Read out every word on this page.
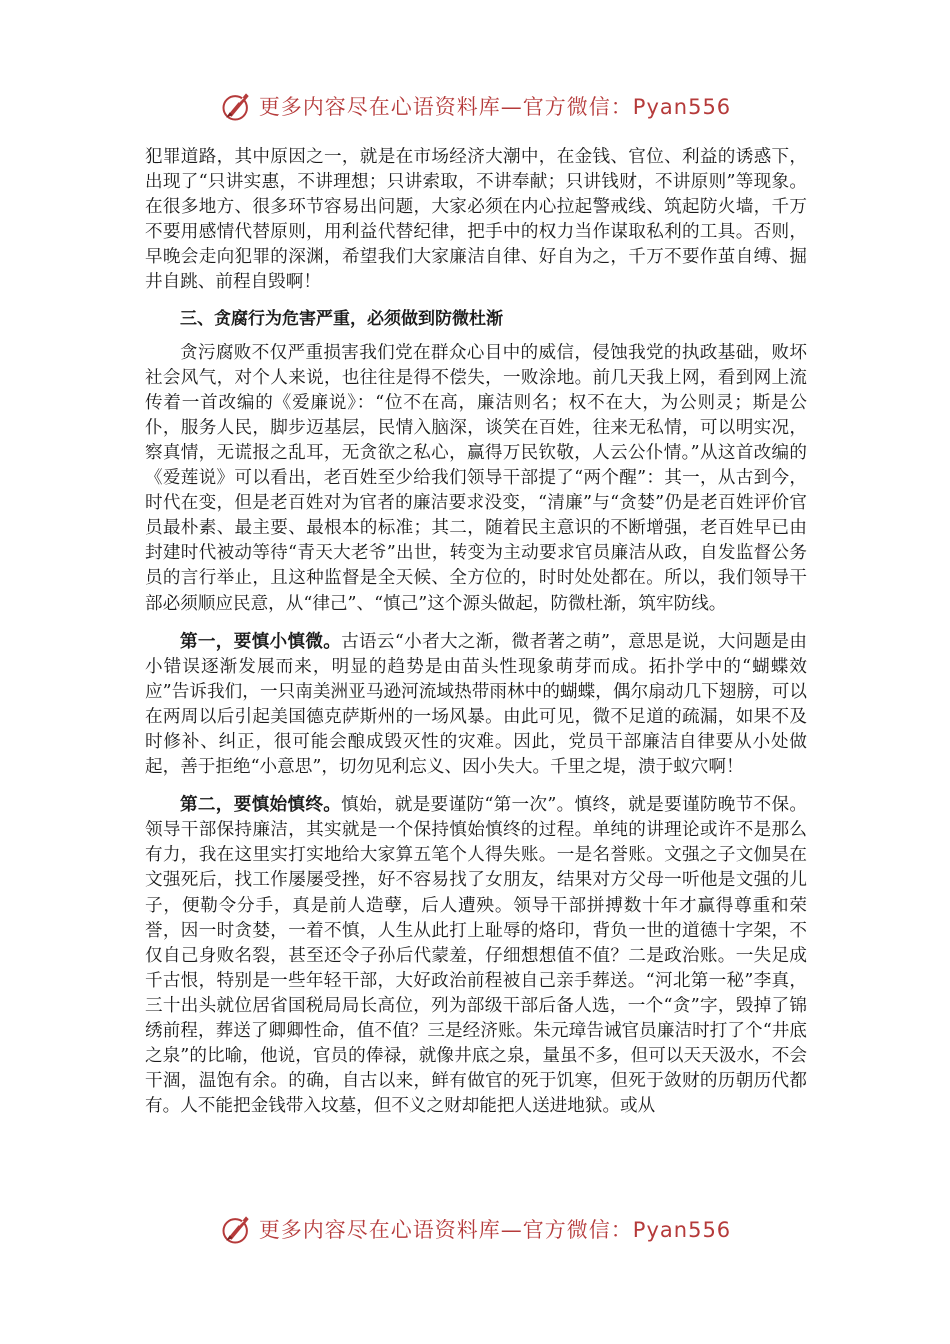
更多内容尽在心语资料库—官方微信：Pyan556

犯罪道路，其中原因之一，就是在市场经济大潮中，在金钱、官位、利益的诱惑下，出现了“只讲实惠，不讲理想；只讲索取，不讲奉献；只讲钱财，不讲原则”等现象。在很多地方、很多环节容易出问题，大家必须在内心拉起警戒线、筑起防火墙，千万不要用感情代替原则，用利益代替纪律，把手中的权力当作谋取私利的工具。否则，早晚会走向犯罪的深渊，希望我们大家廉洁自律、好自为之，千万不要作茧自缚、掘井自跳、前程自毁啊！

三、贪腐行为危害严重，必须做到防微杜渐

贪污腐败不仅严重损害我们党在群众心目中的威信，侵蚀我党的执政基础，败坏社会风气，对个人来说，也往往是得不偿失，一败涂地。前几天我上网，看到网上流传着一首改编的《爱廉说》：“位不在高，廉洁则名；权不在大，为公则灵；斯是公仆，服务人民，脚步迈基层，民情入脑深，谈笑在百姓，往来无私情，可以明实况，察真情，无谎报之乱耳，无贪欲之私心，赢得万民钦敬，人云公仆情。”从这首改编的《爱莲说》可以看出，老百姓至少给我们领导干部提了“两个醒”：其一，从古到今，时代在变，但是老百姓对为官者的廉洁要求没变，“清廉”与“贪婪”仍是老百姓评价官员最朴素、最主要、最根本的标准；其二，随着民主意识的不断增强，老百姓早已由封建时代被动等待“青天大老爷”出世，转变为主动要求官员廉洁从政，自发监督公务员的言行举止，且这种监督是全天候、全方位的，时时处处都在。所以，我们领导干部必须顺应民意，从“律己”、“慎己”这个源头做起，防微杜渐，筑牢防线。

第一，要慎小慎微。古语云“小者大之渐，微者著之萌”，意思是说，大问题是由小错误逐渐发展而来，明显的趋势是由苗头性现象萌芽而成。拓扑学中的“蝴蝶效应”告诉我们，一只南美洲亚马逊河流域热带雨林中的蝴蝶，偶尔扇动几下翅膀，可以在两周以后引起美国德克萨斯州的一场风暴。由此可见，微不足道的疏漏，如果不及时修补、纠正，很可能会酿成毁灭性的灾难。因此，党员干部廉洁自律要从小处做起，善于拒绝“小意思”，切勿见利忘义、因小失大。千里之堤，溃于蚁穴啊！

第二，要慎始慎终。慎始，就是要谨防“第一次”。慎终，就是要谨防晚节不保。领导干部保持廉洁，其实就是一个保持慎始慎终的过程。单纯的讲理论或许不是那么有力，我在这里实打实地给大家算五笔个人得失账。一是名誉账。文强之子文伽昊在文强死后，找工作屡屡受挫，好不容易找了女朋友，结果对方父母一听他是文强的儿子，便勒令分手，真是前人造孽，后人遭殃。领导干部拼搏数十年才赢得尊重和荣誉，因一时贪婪，一着不慎，人生从此打上耻辱的烙印，背负一世的道德十字架，不仅自己身败名裂，甚至还令子孙后代蒙羞，仔细想想值不值？二是政治账。一失足成千古恨，特别是一些年轻干部，大好政治前程被自己亲手葬送。“河北第一秘”李真，三十出头就位居省国税局局长高位，列为部级干部后备人选，一个“贪”字，毁掉了锦绣前程，葬送了卿卿性命，值不值？三是经济账。朱元璋告诫官员廉洁时打了个“井底之泉”的比喻，他说，官员的俸禄，就像井底之泉，量虽不多，但可以天天汲水，不会干涸，温饱有余。的确，自古以来，鲜有做官的死于饥寒，但死于敛财的历朝历代都有。人不能把金钱带入坟墓，但不义之财却能把人送进地狱。或从

更多内容尽在心语资料库—官方微信：Pyan556
